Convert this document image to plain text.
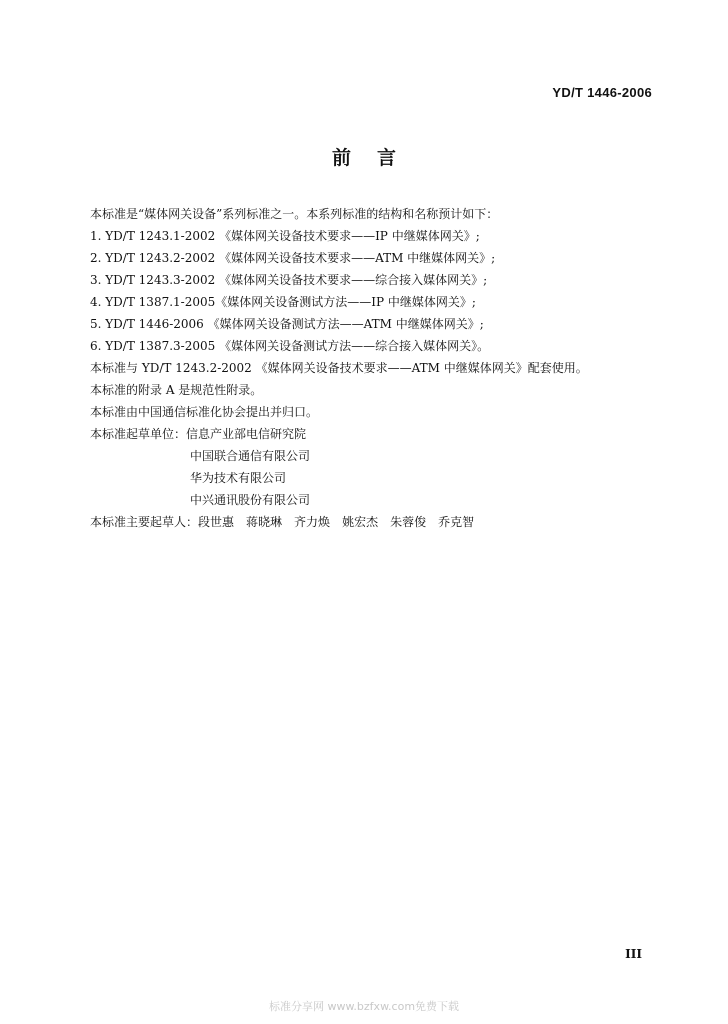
YD/T 1446-2006
前 言
本标准是“媒体网关设备”系列标准之一。本系列标准的结构和名称预计如下：
1. YD/T 1243.1-2002 《媒体网关设备技术要求——IP 中继媒体网关》;
2. YD/T 1243.2-2002 《媒体网关设备技术要求——ATM 中继媒体网关》;
3. YD/T 1243.3-2002 《媒体网关设备技术要求——综合接入媒体网关》;
4. YD/T 1387.1-2005《媒体网关设备测试方法——IP 中继媒体网关》;
5. YD/T 1446-2006 《媒体网关设备测试方法——ATM 中继媒体网关》;
6. YD/T 1387.3-2005 《媒体网关设备测试方法——综合接入媒体网关》。
本标准与 YD/T 1243.2-2002 《媒体网关设备技术要求——ATM 中继媒体网关》配套使用。
本标准的附录 A 是规范性附录。
本标准由中国通信标准化协会提出并归口。
本标准起草单位：信息产业部电信研究院
中国联合通信有限公司
华为技术有限公司
中兴通讯股份有限公司
本标准主要起草人：段世惠 蒋晓琳 齐力焕 姚宏杰 朱蓉俊 乔克智
III
标准分享网 www.bzfxw.com免费下载
